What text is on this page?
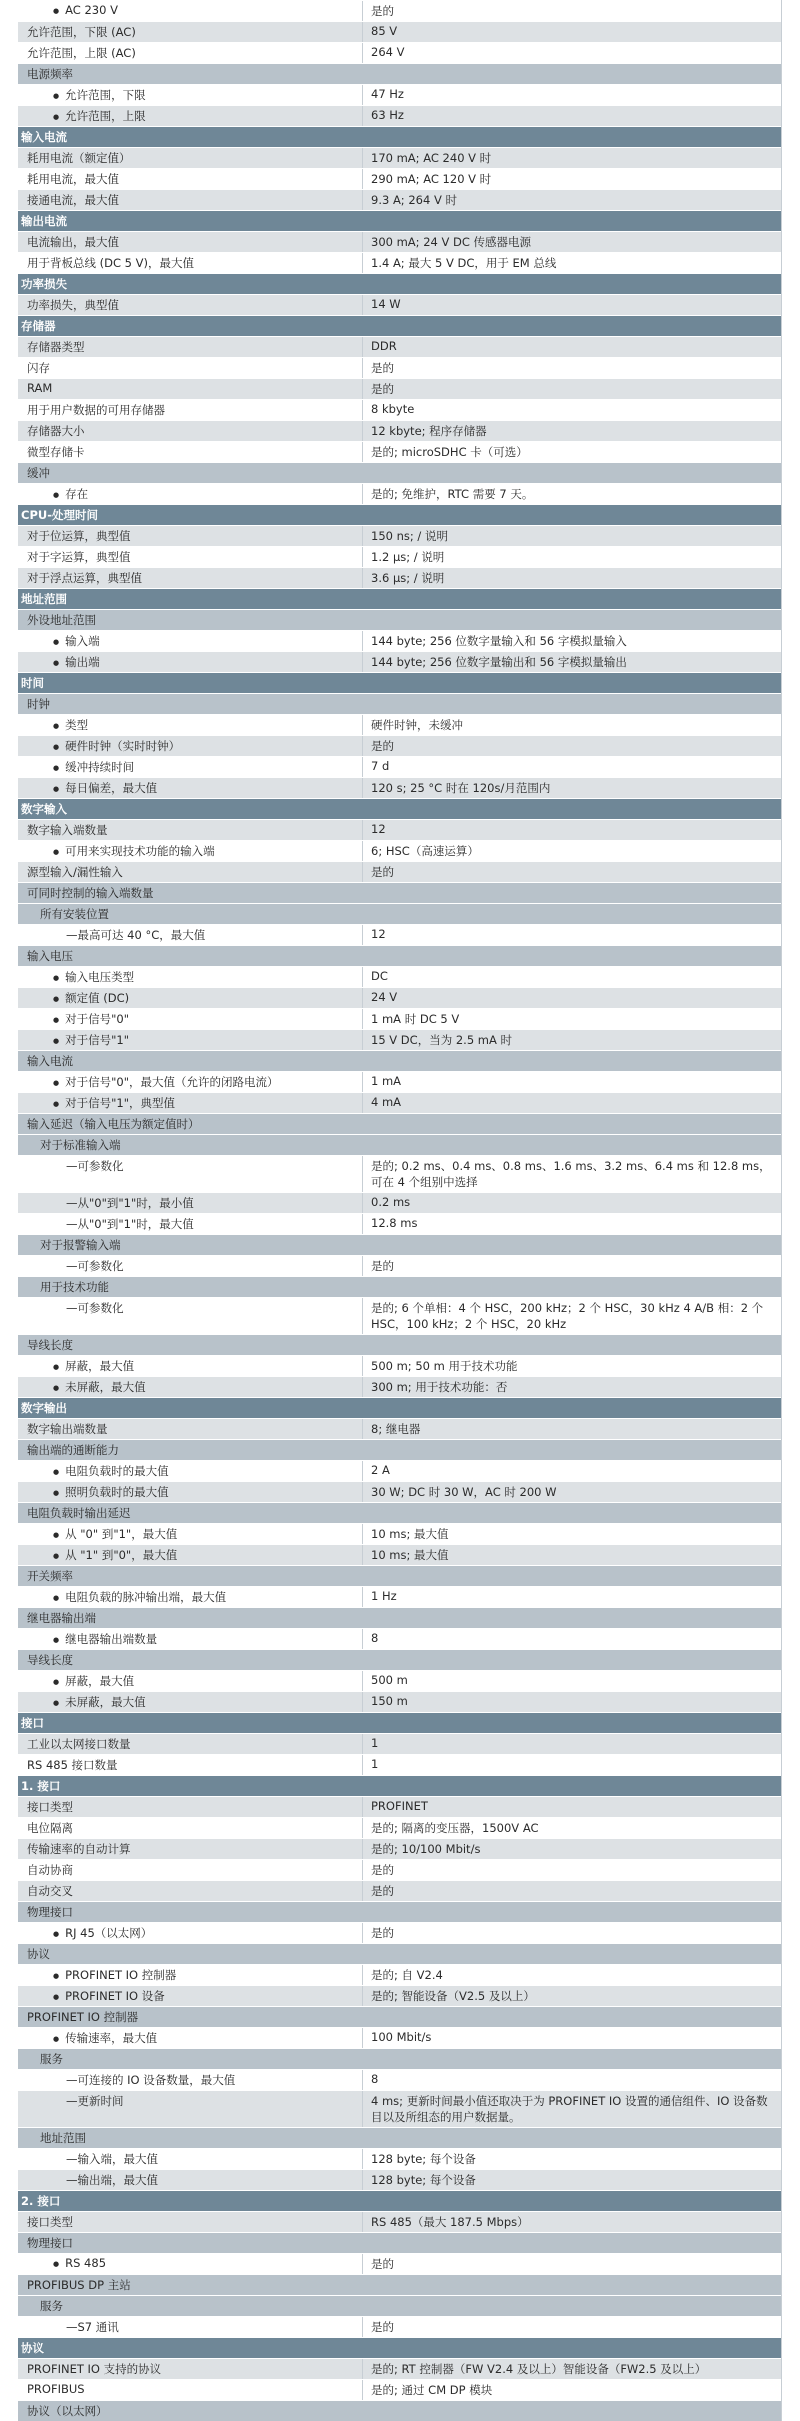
● AC 230 V	是的
允许范围，下限 (AC)	85 V
允许范围，上限 (AC)	264 V
电源频率
● 允许范围，下限	47 Hz
● 允许范围，上限	63 Hz
输入电流
耗用电流（额定值）	170 mA; AC 240 V 时
耗用电流，最大值	290 mA; AC 120 V 时
接通电流，最大值	9.3 A; 264 V 时
输出电流
电流输出，最大值	300 mA; 24 V DC 传感器电源
用于背板总线 (DC 5 V)，最大值	1.4 A; 最大 5 V DC，用于 EM 总线
功率损失
功率损失，典型值	14 W
存储器
存储器类型	DDR
闪存	是的
RAM	是的
用于用户数据的可用存储器	8 kbyte
存储器大小	12 kbyte; 程序存储器
微型存储卡	是的; microSDHC 卡（可选）
缓冲
● 存在	是的; 免维护，RTC 需要 7 天。
CPU-处理时间
对于位运算，典型值	150 ns; / 说明
对于字运算，典型值	1.2 μs; / 说明
对于浮点运算，典型值	3.6 μs; / 说明
地址范围
外设地址范围
● 输入端	144 byte; 256 位数字量输入和 56 字模拟量输入
● 输出端	144 byte; 256 位数字量输出和 56 字模拟量输出
时间
时钟
● 类型	硬件时钟，未缓冲
● 硬件时钟（实时时钟）	是的
● 缓冲持续时间	7 d
● 每日偏差，最大值	120 s; 25 °C 时在 120s/月范围内
数字输入
数字输入端数量	12
● 可用来实现技术功能的输入端	6; HSC（高速运算）
源型输入/漏性输入	是的
可同时控制的输入端数量
所有安装位置
— 最高可达 40 °C，最大值	12
输入电压
● 输入电压类型	DC
● 额定值 (DC)	24 V
● 对于信号"0"	1 mA 时 DC 5 V
● 对于信号"1"	15 V DC，当为 2.5 mA 时
输入电流
● 对于信号"0"，最大值（允许的闭路电流）	1 mA
● 对于信号"1"，典型值	4 mA
输入延迟（输入电压为额定值时）
对于标准输入端
— 可参数化	是的; 0.2 ms、0.4 ms、0.8 ms、1.6 ms、3.2 ms、6.4 ms 和 12.8 ms，可在 4 个组别中选择
— 从"0"到"1"时，最小值	0.2 ms
— 从"0"到"1"时，最大值	12.8 ms
对于报警输入端
— 可参数化	是的
用于技术功能
— 可参数化	是的; 6 个单相：4 个 HSC，200 kHz；2 个 HSC，30 kHz 4 A/B 相：2 个 HSC，100 kHz；2 个 HSC，20 kHz
导线长度
● 屏蔽，最大值	500 m; 50 m 用于技术功能
● 未屏蔽，最大值	300 m; 用于技术功能：否
数字输出
数字输出端数量	8; 继电器
输出端的通断能力
● 电阻负载时的最大值	2 A
● 照明负载时的最大值	30 W; DC 时 30 W，AC 时 200 W
电阻负载时输出延迟
● 从 "0" 到"1"，最大值	10 ms; 最大值
● 从 "1" 到"0"，最大值	10 ms; 最大值
开关频率
● 电阻负载的脉冲输出端，最大值	1 Hz
继电器输出端
● 继电器输出端数量	8
导线长度
● 屏蔽，最大值	500 m
● 未屏蔽，最大值	150 m
接口
工业以太网接口数量	1
RS 485 接口数量	1
1. 接口
接口类型	PROFINET
电位隔离	是的; 隔离的变压器，1500V AC
传输速率的自动计算	是的; 10/100 Mbit/s
自动协商	是的
自动交叉	是的
物理接口
● RJ 45（以太网）	是的
协议
● PROFINET IO 控制器	是的; 自 V2.4
● PROFINET IO 设备	是的; 智能设备（V2.5 及以上）
PROFINET IO 控制器
● 传输速率，最大值	100 Mbit/s
服务
— 可连接的 IO 设备数量，最大值	8
— 更新时间	4 ms; 更新时间最小值还取决于为 PROFINET IO 设置的通信组件、IO 设备数目以及所组态的用户数据量。
地址范围
— 输入端，最大值	128 byte; 每个设备
— 输出端，最大值	128 byte; 每个设备
2. 接口
接口类型	RS 485（最大 187.5 Mbps）
物理接口
● RS 485	是的
PROFIBUS DP 主站
服务
— S7 通讯	是的
协议
PROFINET IO 支持的协议	是的; RT 控制器（FW V2.4 及以上）智能设备（FW2.5 及以上）
PROFIBUS	是的; 通过 CM DP 模块
协议（以太网）
